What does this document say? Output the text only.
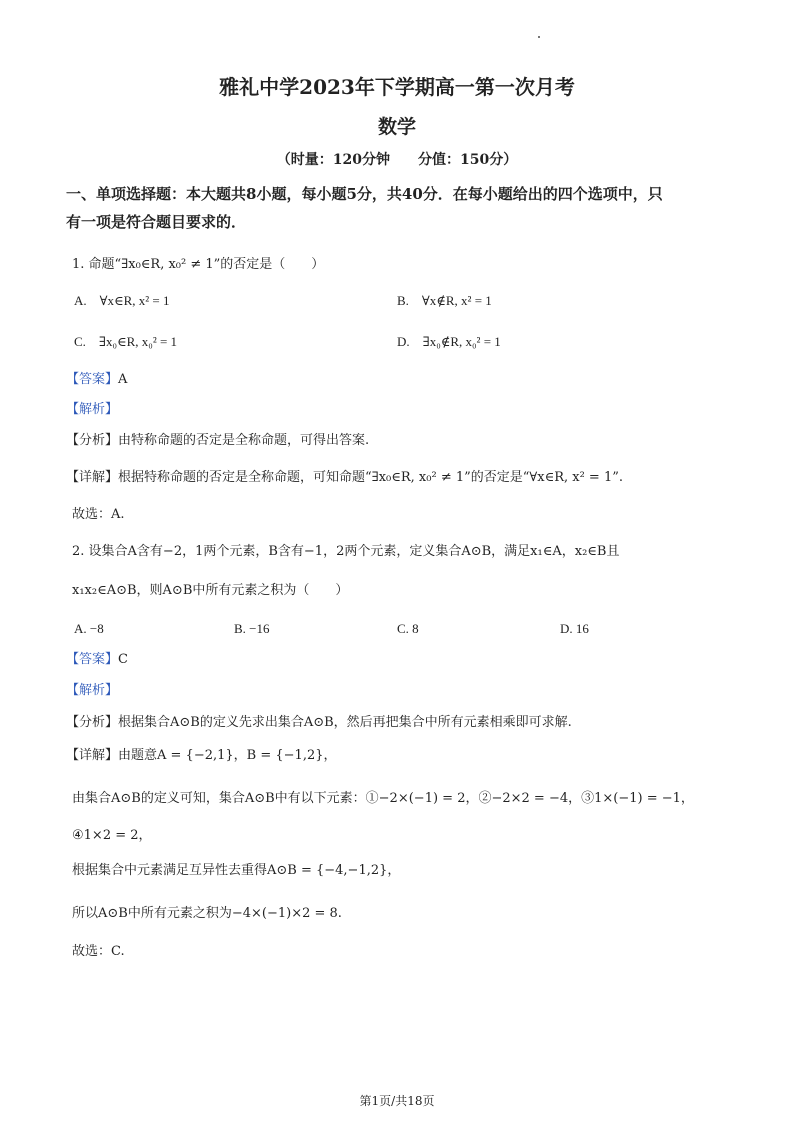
雅礼中学2023年下学期高一第一次月考
数学
（时量：120分钟　　分值：150分）
一、单项选择题：本大题共8小题，每小题5分，共40分．在每小题给出的四个选项中，只
有一项是符合题目要求的．
1. 命题“∃x₀∈R, x₀² ≠ 1”的否定是（　　）
A.　∀x∈R, x² = 1	B.　∀x∉R, x² = 1
C.　∃x₀∈R, x₀² = 1	D.　∃x₀∉R, x₀² = 1
【答案】A
【解析】
【分析】由特称命题的否定是全称命题，可得出答案.
【详解】根据特称命题的否定是全称命题，可知命题“∃x₀∈R, x₀² ≠ 1”的否定是“∀x∈R, x² = 1”.
故选：A.
2. 设集合A含有−2，1两个元素，B含有−1，2两个元素，定义集合A⊙B，满足x₁∈A，x₂∈B且
x₁x₂∈A⊙B，则A⊙B中所有元素之积为（　　）
A. −8	B. −16	C. 8	D. 16
【答案】C
【解析】
【分析】根据集合A⊙B的定义先求出集合A⊙B，然后再把集合中所有元素相乘即可求解.
【详解】由题意A = {−2,1}，B = {−1,2}，
由集合A⊙B的定义可知，集合A⊙B中有以下元素：①−2×(−1) = 2，②−2×2 = −4，③1×(−1) = −1，
④1×2 = 2，
根据集合中元素满足互异性去重得A⊙B = {−4,−1,2}，
所以A⊙B中所有元素之积为−4×(−1)×2 = 8.
故选：C.
第1页/共18页
